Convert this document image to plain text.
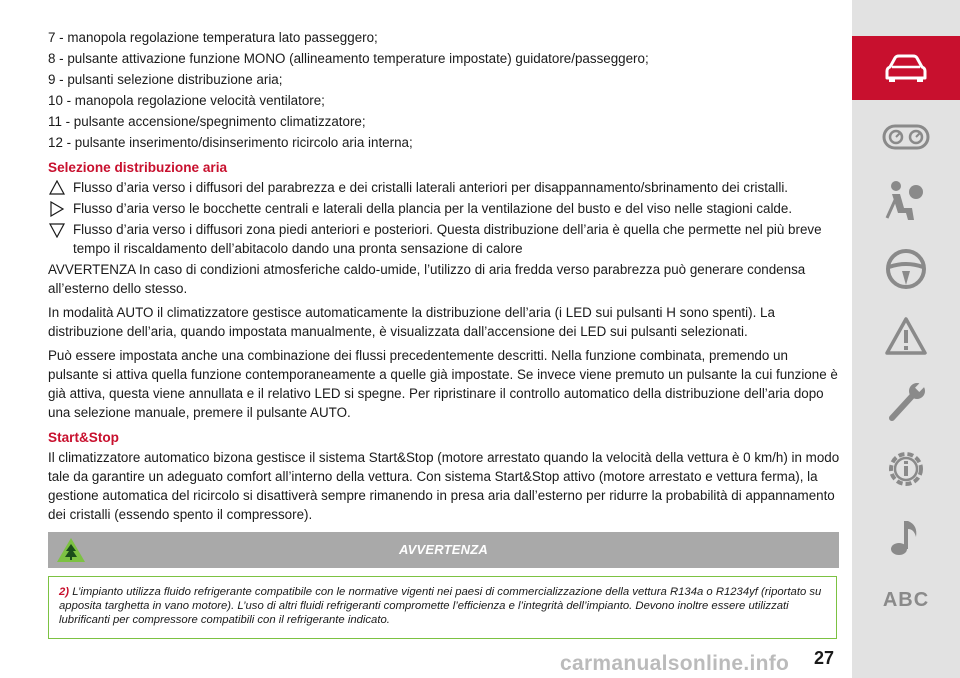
7 - manopola regolazione temperatura lato passeggero;
8 - pulsante attivazione funzione MONO (allineamento temperature impostate) guidatore/passeggero;
9 - pulsanti selezione distribuzione aria;
10 - manopola regolazione velocità ventilatore;
11 - pulsante accensione/spegnimento climatizzatore;
12 - pulsante inserimento/disinserimento ricircolo aria interna;
Selezione distribuzione aria
Flusso d’aria verso i diffusori del parabrezza e dei cristalli laterali anteriori per disappannamento/sbrinamento dei cristalli.
Flusso d’aria verso le bocchette centrali e laterali della plancia per la ventilazione del busto e del viso nelle stagioni calde.
Flusso d’aria verso i diffusori zona piedi anteriori e posteriori. Questa distribuzione dell’aria è quella che permette nel più breve tempo il riscaldamento dell’abitacolo dando una pronta sensazione di calore
AVVERTENZA In caso di condizioni atmosferiche caldo-umide, l’utilizzo di aria fredda verso parabrezza può generare condensa all’esterno dello stesso.
In modalità AUTO il climatizzatore gestisce automaticamente la distribuzione dell’aria (i LED sui pulsanti H sono spenti). La distribuzione dell’aria, quando impostata manualmente, è visualizzata dall’accensione dei LED sui pulsanti selezionati.
Può essere impostata anche una combinazione dei flussi precedentemente descritti. Nella funzione combinata, premendo un pulsante si attiva quella funzione contemporaneamente a quelle già impostate. Se invece viene premuto un pulsante la cui funzione è già attiva, questa viene annullata e il relativo LED si spegne. Per ripristinare il controllo automatico della distribuzione dell’aria dopo una selezione manuale, premere il pulsante AUTO.
Start&Stop
Il climatizzatore automatico bizona gestisce il sistema Start&Stop (motore arrestato quando la velocità della vettura è 0 km/h) in modo tale da garantire un adeguato comfort all’interno della vettura. Con sistema Start&Stop attivo (motore arrestato e vettura ferma), la gestione automatica del ricircolo si disattiverà sempre rimanendo in presa aria dall’esterno per ridurre la probabilità di appannamento dei cristalli (essendo spento il compressore).
AVVERTENZA
2) L’impianto utilizza fluido refrigerante compatibile con le normative vigenti nei paesi di commercializzazione della vettura R134a o R1234yf (riportato su apposita targhetta in vano motore). L’uso di altri fluidi refrigeranti compromette l’efficienza e l’integrità dell’impianto. Devono inoltre essere utilizzati lubrificanti per compressore compatibili con il refrigerante indicato.
carmanualsonline.info 27
ABC
